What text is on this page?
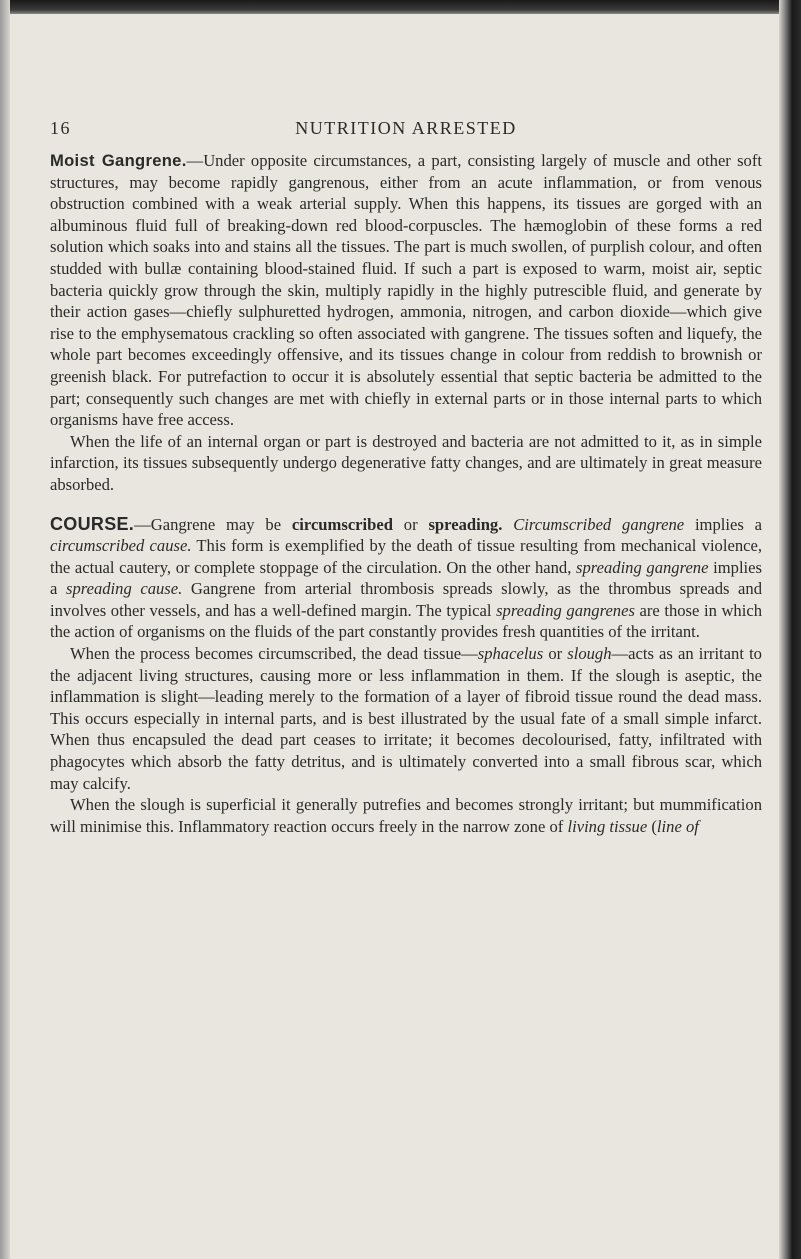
16	NUTRITION ARRESTED

Moist Gangrene.—Under opposite circumstances, a part, consisting largely of muscle and other soft structures, may become rapidly gangrenous, either from an acute inflammation, or from venous obstruction combined with a weak arterial supply. When this happens, its tissues are gorged with an albuminous fluid full of breaking-down red blood-corpuscles. The hæmoglobin of these forms a red solution which soaks into and stains all the tissues. The part is much swollen, of purplish colour, and often studded with bullæ containing blood-stained fluid. If such a part is exposed to warm, moist air, septic bacteria quickly grow through the skin, multiply rapidly in the highly putrescible fluid, and generate by their action gases—chiefly sulphuretted hydrogen, ammonia, nitrogen, and carbon dioxide—which give rise to the emphysematous crackling so often associated with gangrene. The tissues soften and liquefy, the whole part becomes exceedingly offensive, and its tissues change in colour from reddish to brownish or greenish black. For putrefaction to occur it is absolutely essential that septic bacteria be admitted to the part; consequently such changes are met with chiefly in external parts or in those internal parts to which organisms have free access.

When the life of an internal organ or part is destroyed and bacteria are not admitted to it, as in simple infarction, its tissues subsequently undergo degenerative fatty changes, and are ultimately in great measure absorbed.

COURSE.—Gangrene may be circumscribed or spreading. Circumscribed gangrene implies a circumscribed cause. This form is exemplified by the death of tissue resulting from mechanical violence, the actual cautery, or complete stoppage of the circulation. On the other hand, spreading gangrene implies a spreading cause. Gangrene from arterial thrombosis spreads slowly, as the thrombus spreads and involves other vessels, and has a well-defined margin. The typical spreading gangrenes are those in which the action of organisms on the fluids of the part constantly provides fresh quantities of the irritant.

When the process becomes circumscribed, the dead tissue—sphacelus or slough—acts as an irritant to the adjacent living structures, causing more or less inflammation in them. If the slough is aseptic, the inflammation is slight—leading merely to the formation of a layer of fibroid tissue round the dead mass. This occurs especially in internal parts, and is best illustrated by the usual fate of a small simple infarct. When thus encapsuled the dead part ceases to irritate; it becomes decolourised, fatty, infiltrated with phagocytes which absorb the fatty detritus, and is ultimately converted into a small fibrous scar, which may calcify.

When the slough is superficial it generally putrefies and becomes strongly irritant; but mummification will minimise this. Inflammatory reaction occurs freely in the narrow zone of living tissue (line of
